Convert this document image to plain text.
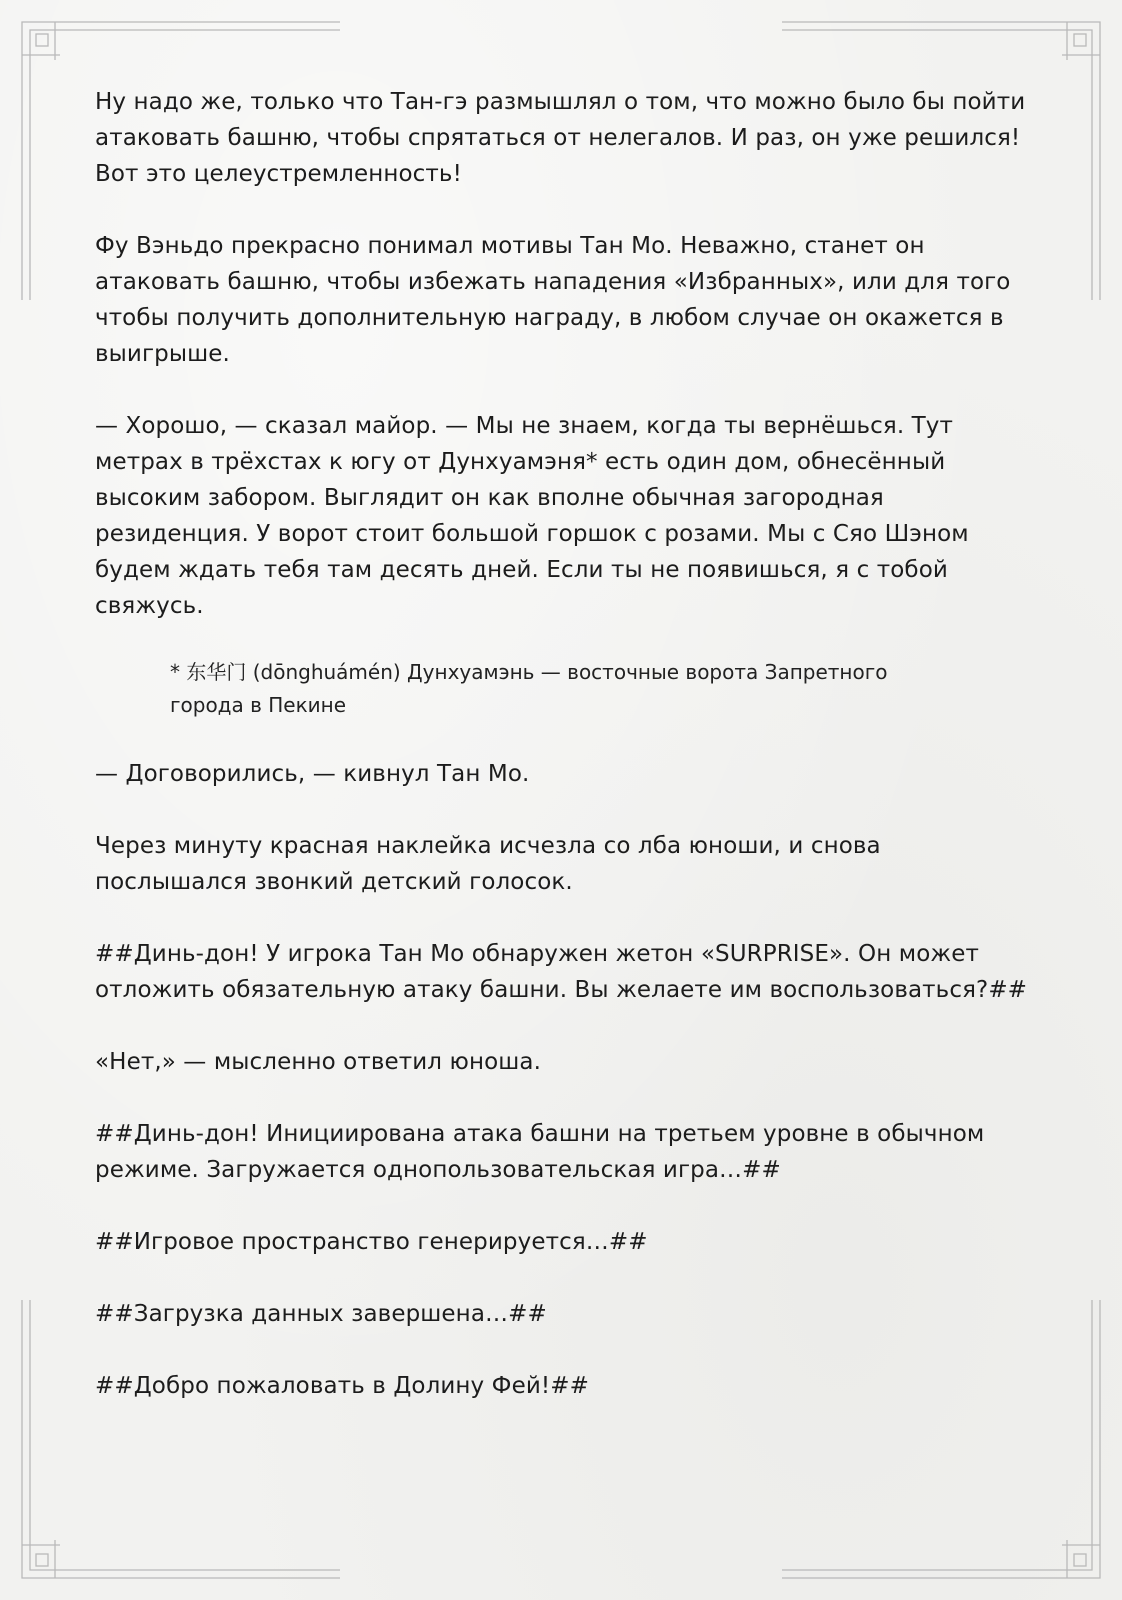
Ну надо же, только что Тан-гэ размышлял о том, что можно было бы пойти
атаковать башню, чтобы спрятаться от нелегалов. И раз, он уже решился!
Вот это целеустремленность!

Фу Вэньдо прекрасно понимал мотивы Тан Мо. Неважно, станет он
атаковать башню, чтобы избежать нападения «Избранных», или для того
чтобы получить дополнительную награду, в любом случае он окажется в
выигрыше.

— Хорошо, — сказал майор. — Мы не знаем, когда ты вернёшься. Тут
метрах в трёхстах к югу от Дунхуамэня* есть один дом, обнесённый
высоким забором. Выглядит он как вполне обычная загородная
резиденция. У ворот стоит большой горшок с розами. Мы с Сяо Шэном
будем ждать тебя там десять дней. Если ты не появишься, я с тобой
свяжусь.

* 东华门 (dōnghuámén) Дунхуамэнь — восточные ворота Запретного
города в Пекине

— Договорились, — кивнул Тан Мо.

Через минуту красная наклейка исчезла со лба юноши, и снова
послышался звонкий детский голосок.

##Динь-дон! У игрока Тан Мо обнаружен жетон «SURPRISE». Он может
отложить обязательную атаку башни. Вы желаете им воспользоваться?##

«Нет,» — мысленно ответил юноша.

##Динь-дон! Инициирована атака башни на третьем уровне в обычном
режиме. Загружается однопользовательская игра…##

##Игровое пространство генерируется…##

##Загрузка данных завершена…##

##Добро пожаловать в Долину Фей!##
